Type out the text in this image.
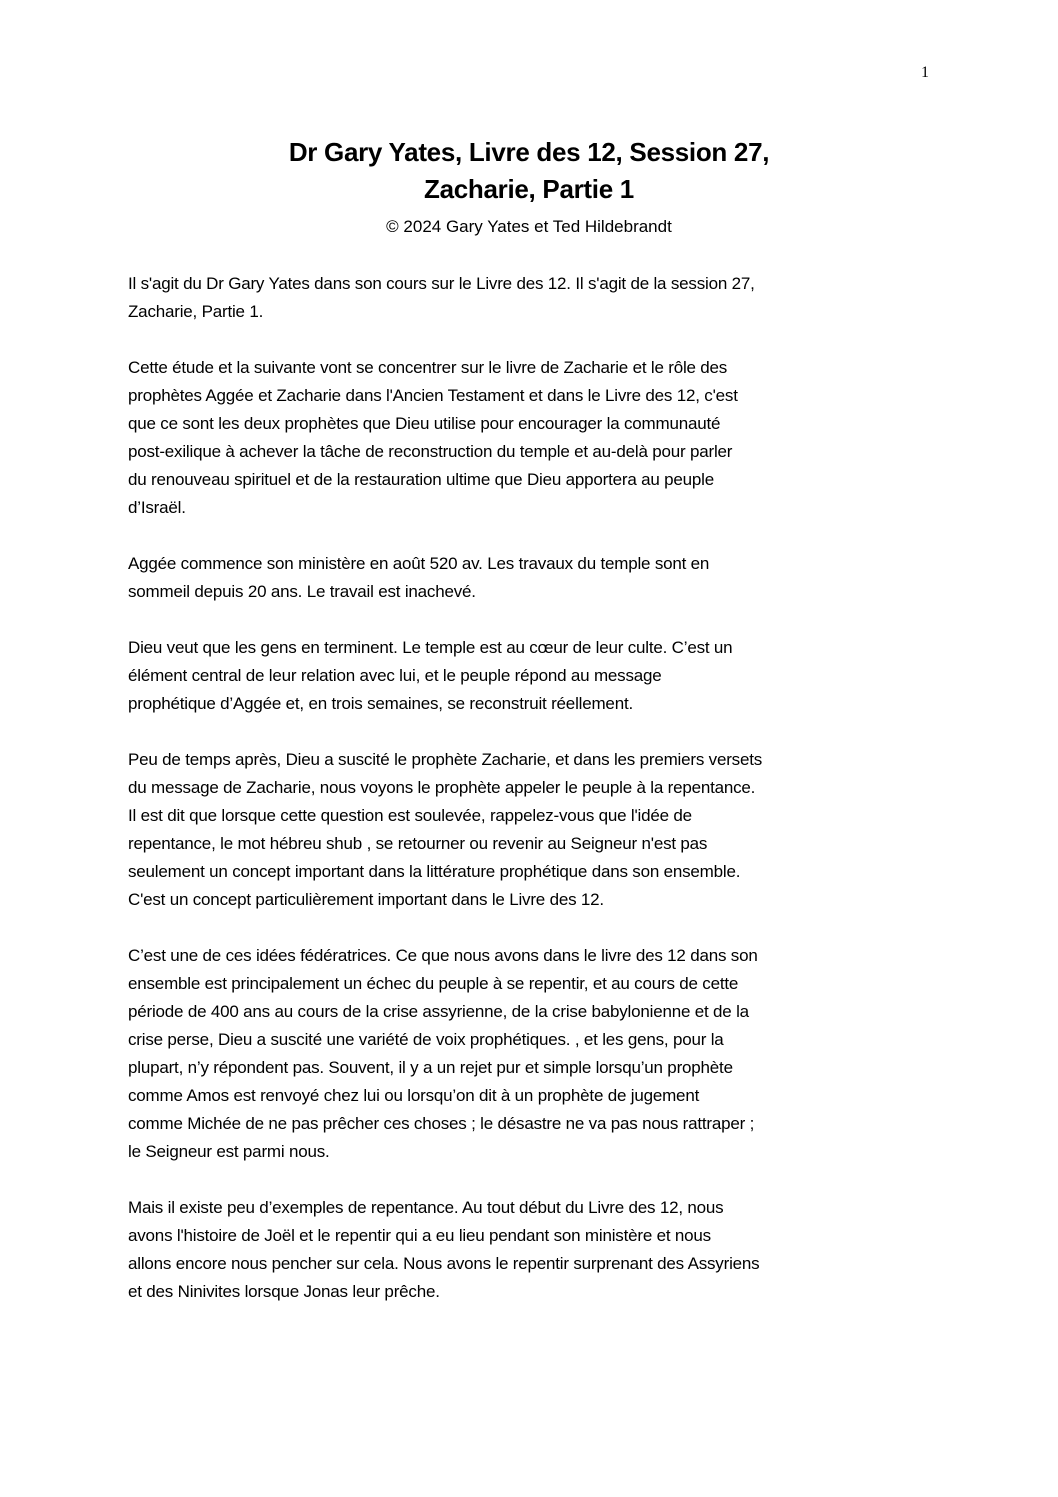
1
Dr Gary Yates, Livre des 12, Session 27,
Zacharie, Partie 1
© 2024 Gary Yates et Ted Hildebrandt
Il s'agit du Dr Gary Yates dans son cours sur le Livre des 12. Il s'agit de la session 27,
Zacharie, Partie 1.
Cette étude et la suivante vont se concentrer sur le livre de Zacharie et le rôle des
prophètes Aggée et Zacharie dans l'Ancien Testament et dans le Livre des 12, c'est
que ce sont les deux prophètes que Dieu utilise pour encourager la communauté
post-exilique à achever la tâche de reconstruction du temple et au-delà pour parler
du renouveau spirituel et de la restauration ultime que Dieu apportera au peuple
d’Israël.
Aggée commence son ministère en août 520 av. Les travaux du temple sont en
sommeil depuis 20 ans. Le travail est inachevé.
Dieu veut que les gens en terminent. Le temple est au cœur de leur culte. C’est un
élément central de leur relation avec lui, et le peuple répond au message
prophétique d’Aggée et, en trois semaines, se reconstruit réellement.
Peu de temps après, Dieu a suscité le prophète Zacharie, et dans les premiers versets
du message de Zacharie, nous voyons le prophète appeler le peuple à la repentance.
Il est dit que lorsque cette question est soulevée, rappelez-vous que l'idée de
repentance, le mot hébreu shub , se retourner ou revenir au Seigneur n'est pas
seulement un concept important dans la littérature prophétique dans son ensemble.
C'est un concept particulièrement important dans le Livre des 12.
C’est une de ces idées fédératrices. Ce que nous avons dans le livre des 12 dans son
ensemble est principalement un échec du peuple à se repentir, et au cours de cette
période de 400 ans au cours de la crise assyrienne, de la crise babylonienne et de la
crise perse, Dieu a suscité une variété de voix prophétiques. , et les gens, pour la
plupart, n’y répondent pas. Souvent, il y a un rejet pur et simple lorsqu’un prophète
comme Amos est renvoyé chez lui ou lorsqu’on dit à un prophète de jugement
comme Michée de ne pas prêcher ces choses ; le désastre ne va pas nous rattraper ;
le Seigneur est parmi nous.
Mais il existe peu d’exemples de repentance. Au tout début du Livre des 12, nous
avons l'histoire de Joël et le repentir qui a eu lieu pendant son ministère et nous
allons encore nous pencher sur cela. Nous avons le repentir surprenant des Assyriens
et des Ninivites lorsque Jonas leur prêche.
